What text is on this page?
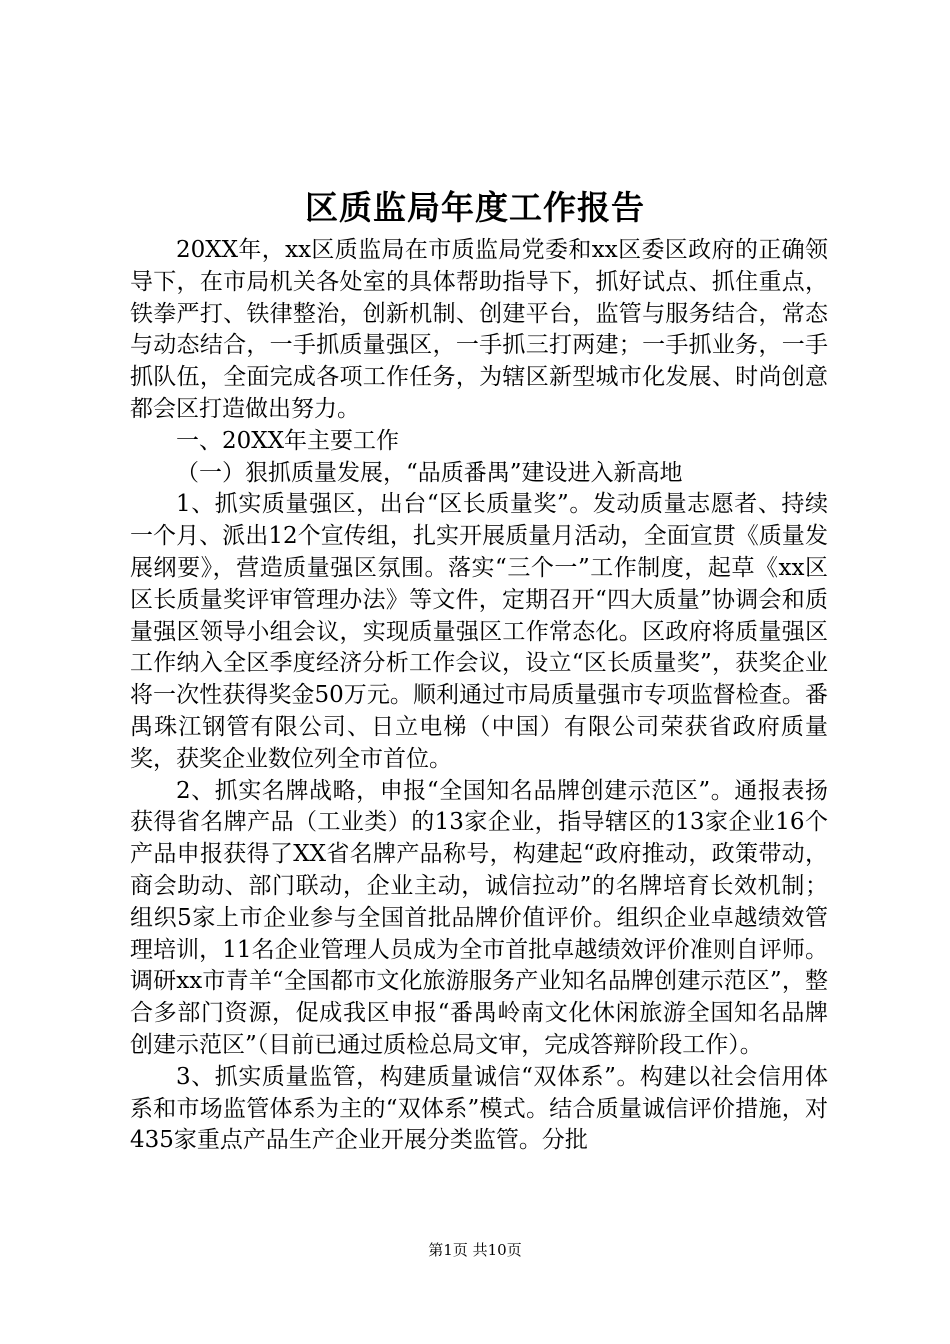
区质监局年度工作报告

20XX年，xx区质监局在市质监局党委和xx区委区政府的正确领导下，在市局机关各处室的具体帮助指导下，抓好试点、抓住重点，铁拳严打、铁律整治，创新机制、创建平台，监管与服务结合，常态与动态结合，一手抓质量强区，一手抓三打两建；一手抓业务，一手抓队伍，全面完成各项工作任务，为辖区新型城市化发展、时尚创意都会区打造做出努力。

一、20XX年主要工作

（一）狠抓质量发展，“品质番禺”建设进入新高地

1、抓实质量强区，出台“区长质量奖”。发动质量志愿者、持续一个月、派出12个宣传组，扎实开展质量月活动，全面宣贯《质量发展纲要》，营造质量强区氛围。落实“三个一”工作制度，起草《xx区区长质量奖评审管理办法》等文件，定期召开“四大质量”协调会和质量强区领导小组会议，实现质量强区工作常态化。区政府将质量强区工作纳入全区季度经济分析工作会议，设立“区长质量奖”，获奖企业将一次性获得奖金50万元。顺利通过市局质量强市专项监督检查。番禺珠江钢管有限公司、日立电梯（中国）有限公司荣获省政府质量奖，获奖企业数位列全市首位。

2、抓实名牌战略，申报“全国知名品牌创建示范区”。通报表扬获得省名牌产品（工业类）的13家企业，指导辖区的13家企业16个产品申报获得了XX省名牌产品称号，构建起“政府推动，政策带动，商会助动、部门联动，企业主动，诚信拉动”的名牌培育长效机制；组织5家上市企业参与全国首批品牌价值评价。组织企业卓越绩效管理培训，11名企业管理人员成为全市首批卓越绩效评价准则自评师。调研xx市青羊“全国都市文化旅游服务产业知名品牌创建示范区”，整合多部门资源，促成我区申报“番禺岭南文化休闲旅游全国知名品牌创建示范区”（目前已通过质检总局文审，完成答辩阶段工作）。

3、抓实质量监管，构建质量诚信“双体系”。构建以社会信用体系和市场监管体系为主的“双体系”模式。结合质量诚信评价措施，对435家重点产品生产企业开展分类监管。分批

第1页 共10页
